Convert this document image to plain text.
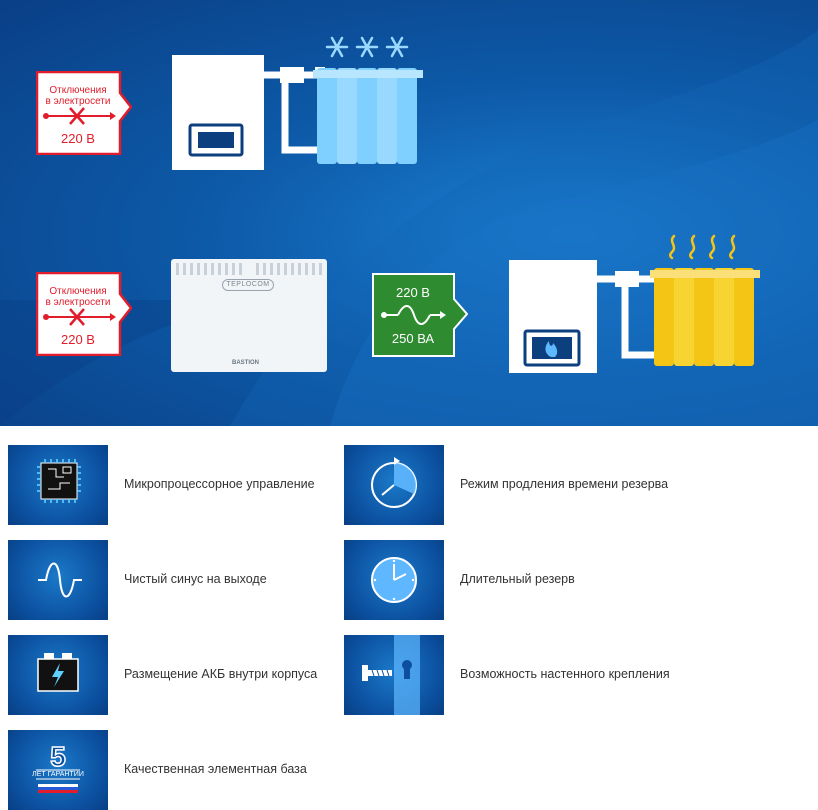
Отключения
в электросети
220 В
Отключения
в электросети
220 В
TEPLOCOM
BASTION
220 В
250 ВА
Микропроцессорное управление
Чистый синус на выходе
Размещение АКБ внутри корпуса
5
ЛЕТ ГАРАНТИИ	Качественная элементная база
Режим продления времени резерва
Длительный резерв
Возможность настенного крепления
